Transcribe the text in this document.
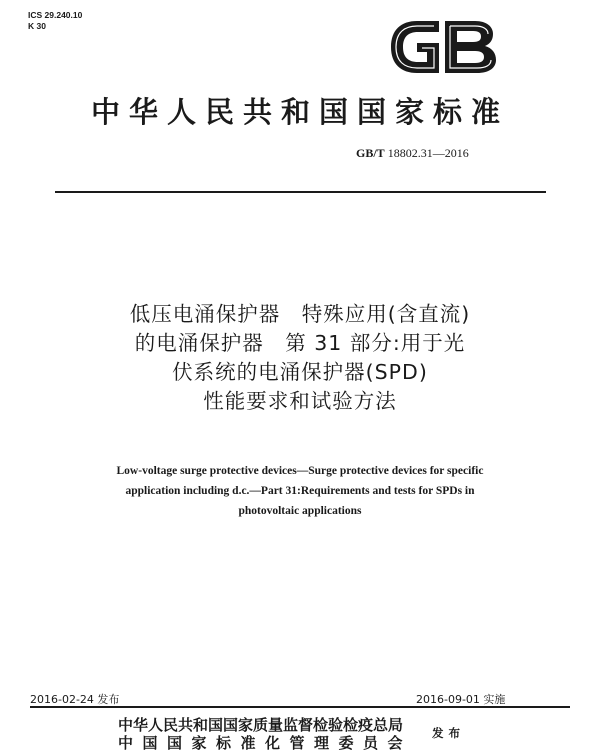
ICS 29.240.10
K 30
中华人民共和国国家标准
GB/T 18802.31—2016
低压电涌保护器　特殊应用(含直流)
的电涌保护器　第 31 部分:用于光
伏系统的电涌保护器(SPD)
性能要求和试验方法
Low-voltage surge protective devices—Surge protective devices for specific
application including d.c.—Part 31:Requirements and tests for SPDs in
photovoltaic applications
2016-02-24 发布	2016-09-01 实施
中华人民共和国国家质量监督检验检疫总局
中国国家标准化管理委员会
发布
